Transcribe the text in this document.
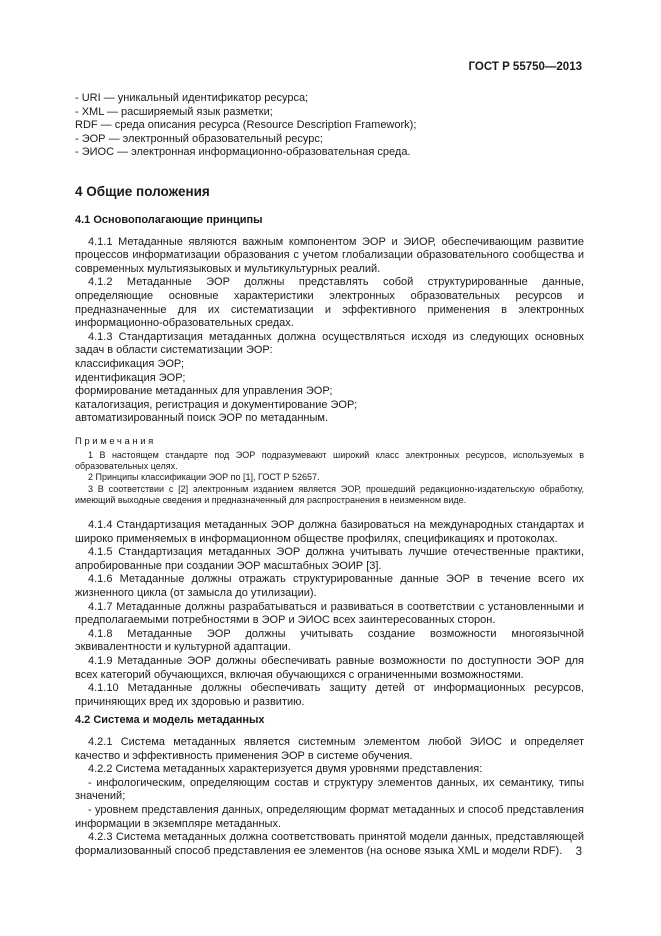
ГОСТ Р 55750—2013
- URI — уникальный идентификатор ресурса;
- XML — расширяемый язык разметки;
RDF — среда описания ресурса (Resource Description Framework);
- ЭОР — электронный образовательный ресурс;
- ЭИОС — электронная информационно-образовательная среда.
4 Общие положения
4.1 Основополагающие принципы

4.1.1 Метаданные являются важным компонентом ЭОР и ЭИОР, обеспечивающим развитие процессов информатизации образования с учетом глобализации образовательного сообщества и современных мультиязыковых и мультикультурных реалий.

4.1.2 Метаданные ЭОР должны представлять собой структурированные данные, определяющие основные характеристики электронных образовательных ресурсов и предназначенные для их систематизации и эффективного применения в электронных информационно-образовательных средах.

4.1.3 Стандартизация метаданных должна осуществляться исходя из следующих основных задач в области систематизации ЭОР:

классификация ЭОР;
идентификация ЭОР;
формирование метаданных для управления ЭОР;
каталогизация, регистрация и документирование ЭОР;
автоматизированный поиск ЭОР по метаданным.
Примечания

1 В настоящем стандарте под ЭОР подразумевают широкий класс электронных ресурсов, используемых в образовательных целях.

2 Принципы классификации ЭОР по [1], ГОСТ Р 52657.

3 В соответствии с [2] электронным изданием является ЭОР, прошедший редакционно-издательскую обработку, имеющий выходные сведения и предназначенный для распространения в неизменном виде.

4.1.4 Стандартизация метаданных ЭОР должна базироваться на международных стандартах и широко применяемых в информационном обществе профилях, спецификациях и протоколах.

4.1.5 Стандартизация метаданных ЭОР должна учитывать лучшие отечественные практики, апробированные при создании ЭОР масштабных ЭОИР [3].

4.1.6 Метаданные должны отражать структурированные данные ЭОР в течение всего их жизненного цикла (от замысла до утилизации).

4.1.7 Метаданные должны разрабатываться и развиваться в соответствии с установленными и предполагаемыми потребностями в ЭОР и ЭИОС всех заинтересованных сторон.

4.1.8 Метаданные ЭОР должны учитывать создание возможности многоязычной эквивалентности и культурной адаптации.

4.1.9 Метаданные ЭОР должны обеспечивать равные возможности по доступности ЭОР для всех категорий обучающихся, включая обучающихся с ограниченными возможностями.

4.1.10 Метаданные должны обеспечивать защиту детей от информационных ресурсов, причиняющих вред их здоровью и развитию.

4.2 Система и модель метаданных

4.2.1 Система метаданных является системным элементом любой ЭИОС и определяет качество и эффективность применения ЭОР в системе обучения.

4.2.2 Система метаданных характеризуется двумя уровнями представления:

- инфологическим, определяющим состав и структуру элементов данных, их семантику, типы значений;

- уровнем представления данных, определяющим формат метаданных и способ представления информации в экземпляре метаданных.

4.2.3 Система метаданных должна соответствовать принятой модели данных, представляющей формализованный способ представления ее элементов (на основе языка XML и модели RDF).	3
